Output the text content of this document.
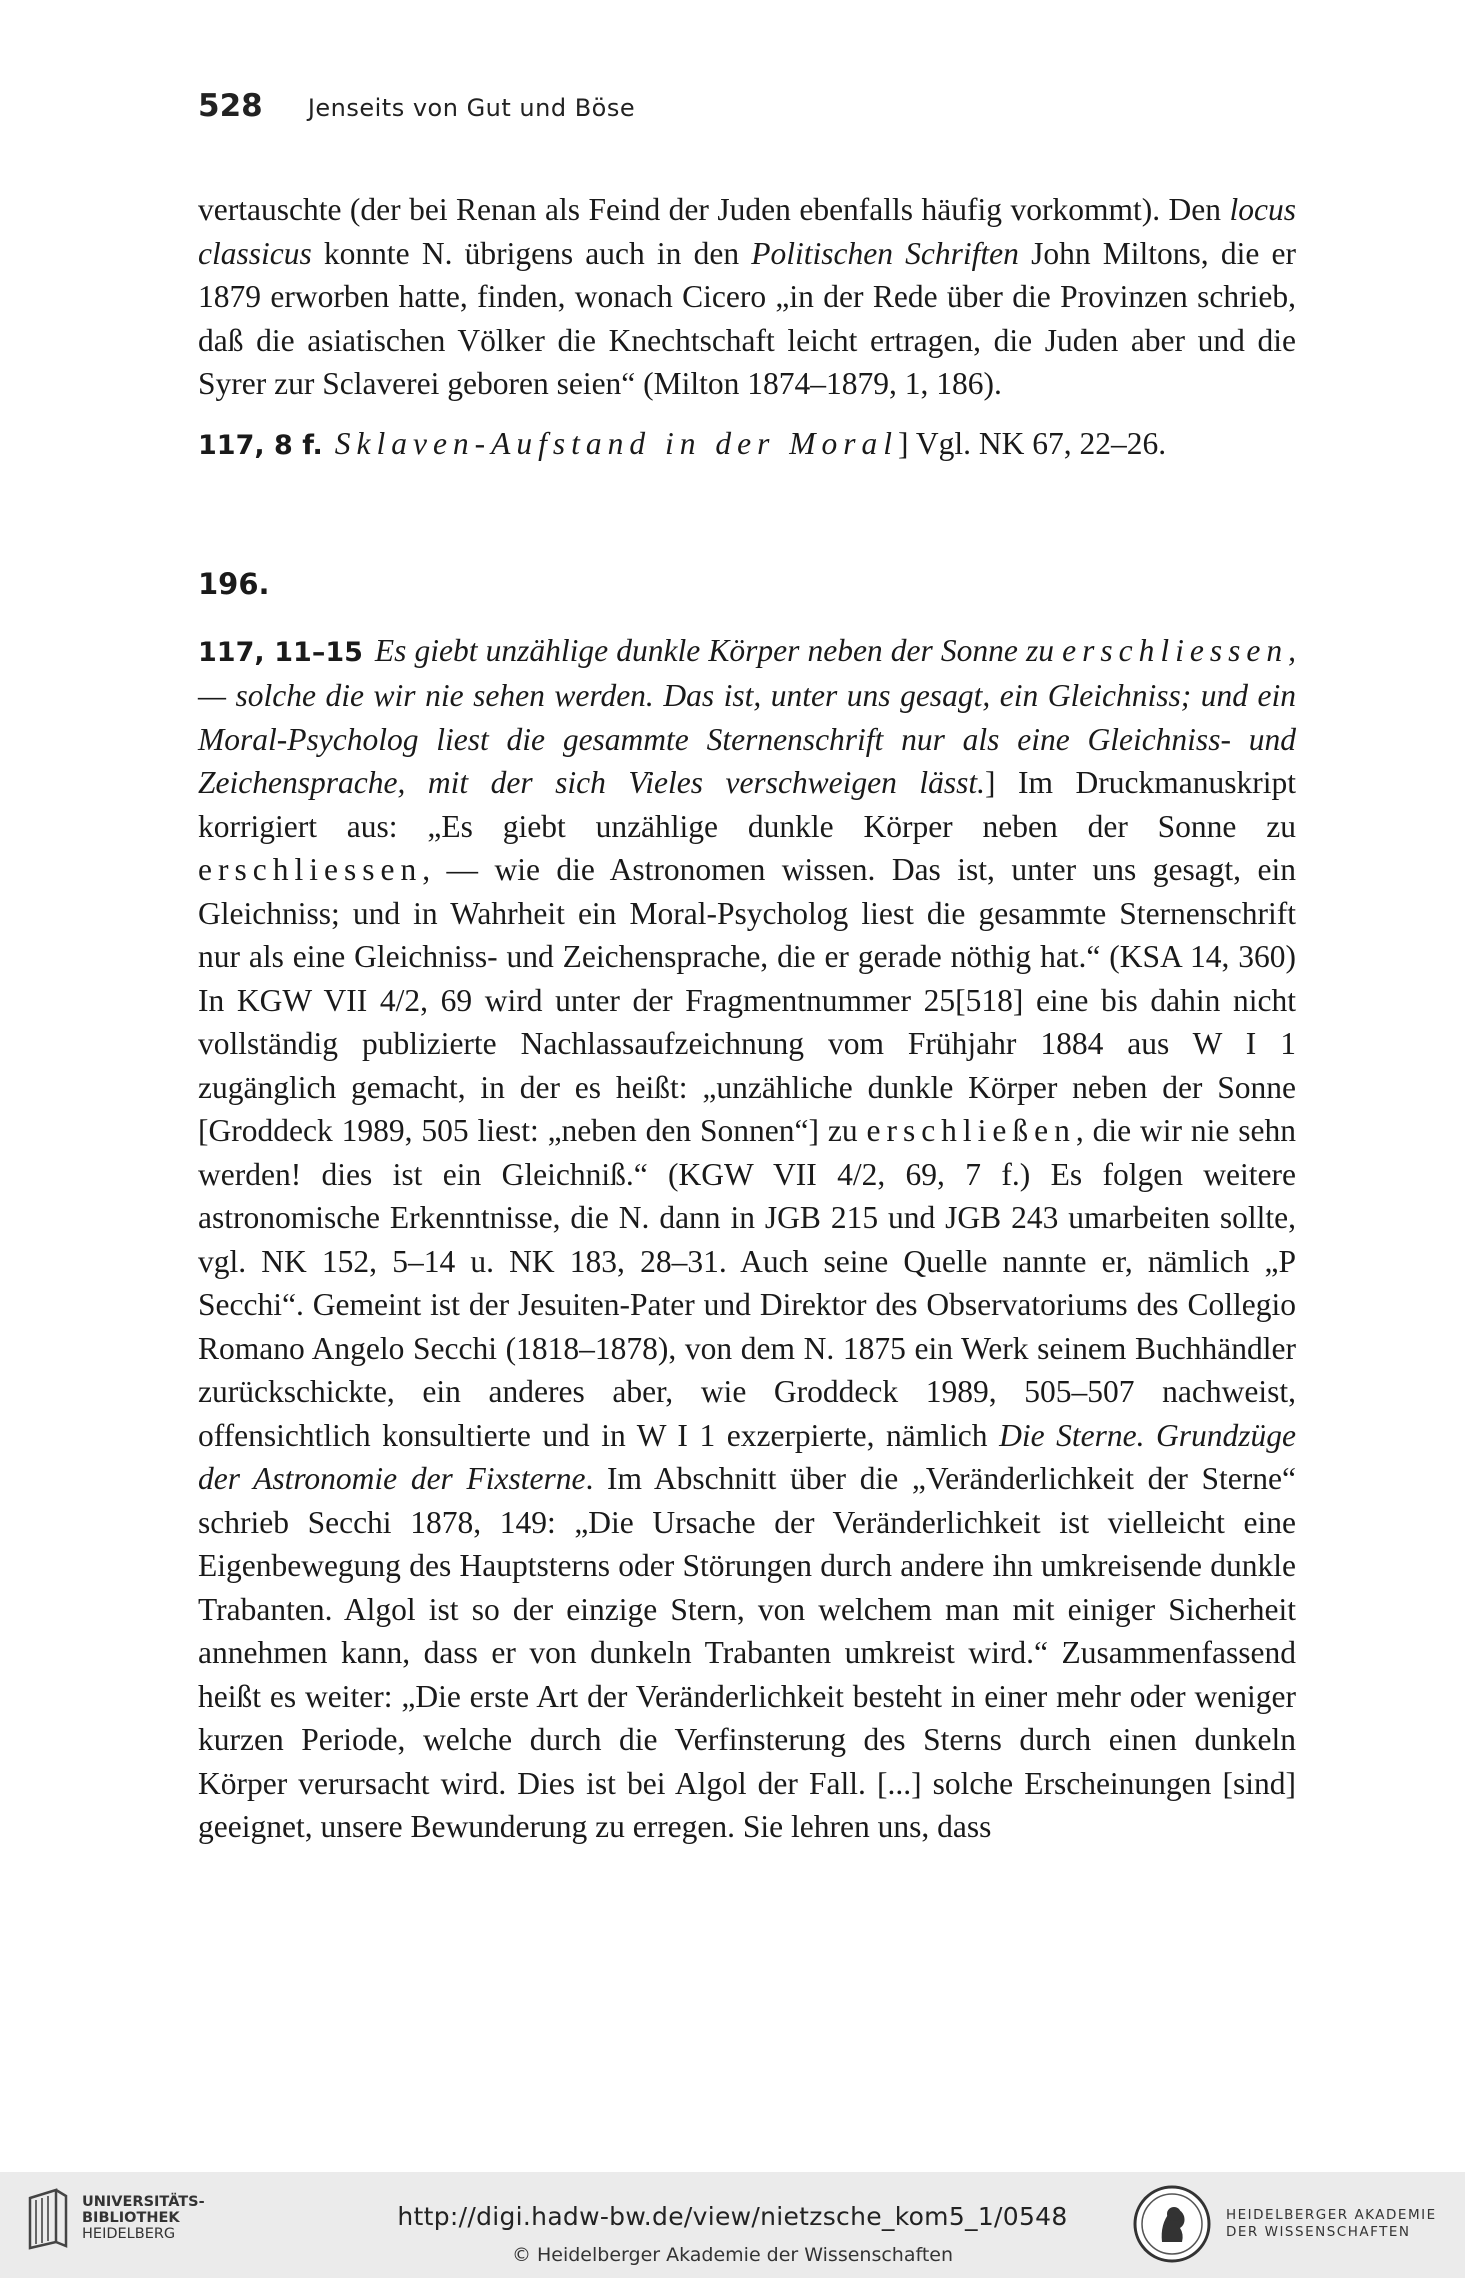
528 Jenseits von Gut und Böse

vertauschte (der bei Renan als Feind der Juden ebenfalls häufig vorkommt). Den locus classicus konnte N. übrigens auch in den Politischen Schriften John Miltons, die er 1879 erworben hatte, finden, wonach Cicero „in der Rede über die Provinzen schrieb, daß die asiatischen Völker die Knechtschaft leicht ertragen, die Juden aber und die Syrer zur Sclaverei geboren seien“ (Milton 1874–1879, 1, 186).

117, 8 f. Sklaven-Aufstand in der Moral] Vgl. NK 67, 22–26.

196.

117, 11–15 Es giebt unzählige dunkle Körper neben der Sonne zu erschliessen, — solche die wir nie sehen werden. Das ist, unter uns gesagt, ein Gleichniss; und ein Moral-Psycholog liest die gesammte Sternenschrift nur als eine Gleichniss- und Zeichensprache, mit der sich Vieles verschweigen lässt.] Im Druckmanuskript korrigiert aus: „Es giebt unzählige dunkle Körper neben der Sonne zu erschliessen, — wie die Astronomen wissen. Das ist, unter uns gesagt, ein Gleichniss; und in Wahrheit ein Moral-Psycholog liest die gesammte Sternenschrift nur als eine Gleichniss- und Zeichensprache, die er gerade nöthig hat.“ (KSA 14, 360) In KGW VII 4/2, 69 wird unter der Fragmentnummer 25[518] eine bis dahin nicht vollständig publizierte Nachlassaufzeichnung vom Frühjahr 1884 aus W I 1 zugänglich gemacht, in der es heißt: „unzähliche dunkle Körper neben der Sonne [Groddeck 1989, 505 liest: „neben den Sonnen“] zu erschließen, die wir nie sehn werden! dies ist ein Gleichniß.“ (KGW VII 4/2, 69, 7 f.) Es folgen weitere astronomische Erkenntnisse, die N. dann in JGB 215 und JGB 243 umarbeiten sollte, vgl. NK 152, 5–14 u. NK 183, 28–31. Auch seine Quelle nannte er, nämlich „P Secchi“. Gemeint ist der Jesuiten-Pater und Direktor des Observatoriums des Collegio Romano Angelo Secchi (1818–1878), von dem N. 1875 ein Werk seinem Buchhändler zurückschickte, ein anderes aber, wie Groddeck 1989, 505–507 nachweist, offensichtlich konsultierte und in W I 1 exzerpierte, nämlich Die Sterne. Grundzüge der Astronomie der Fixsterne. Im Abschnitt über die „Veränderlichkeit der Sterne“ schrieb Secchi 1878, 149: „Die Ursache der Veränderlichkeit ist vielleicht eine Eigenbewegung des Hauptsterns oder Störungen durch andere ihn umkreisende dunkle Trabanten. Algol ist so der einzige Stern, von welchem man mit einiger Sicherheit annehmen kann, dass er von dunkeln Trabanten umkreist wird.“ Zusammenfassend heißt es weiter: „Die erste Art der Veränderlichkeit besteht in einer mehr oder weniger kurzen Periode, welche durch die Verfinsterung des Sterns durch einen dunkeln Körper verursacht wird. Dies ist bei Algol der Fall. [...] solche Erscheinungen [sind] geeignet, unsere Bewunderung zu erregen. Sie lehren uns, dass

UNIVERSITÄTS-
BIBLIOTHEK
HEIDELBERG
http://digi.hadw-bw.de/view/nietzsche_kom5_1/0548
© Heidelberger Akademie der Wissenschaften
HEIDELBERGER AKADEMIE
DER WISSENSCHAFTEN
